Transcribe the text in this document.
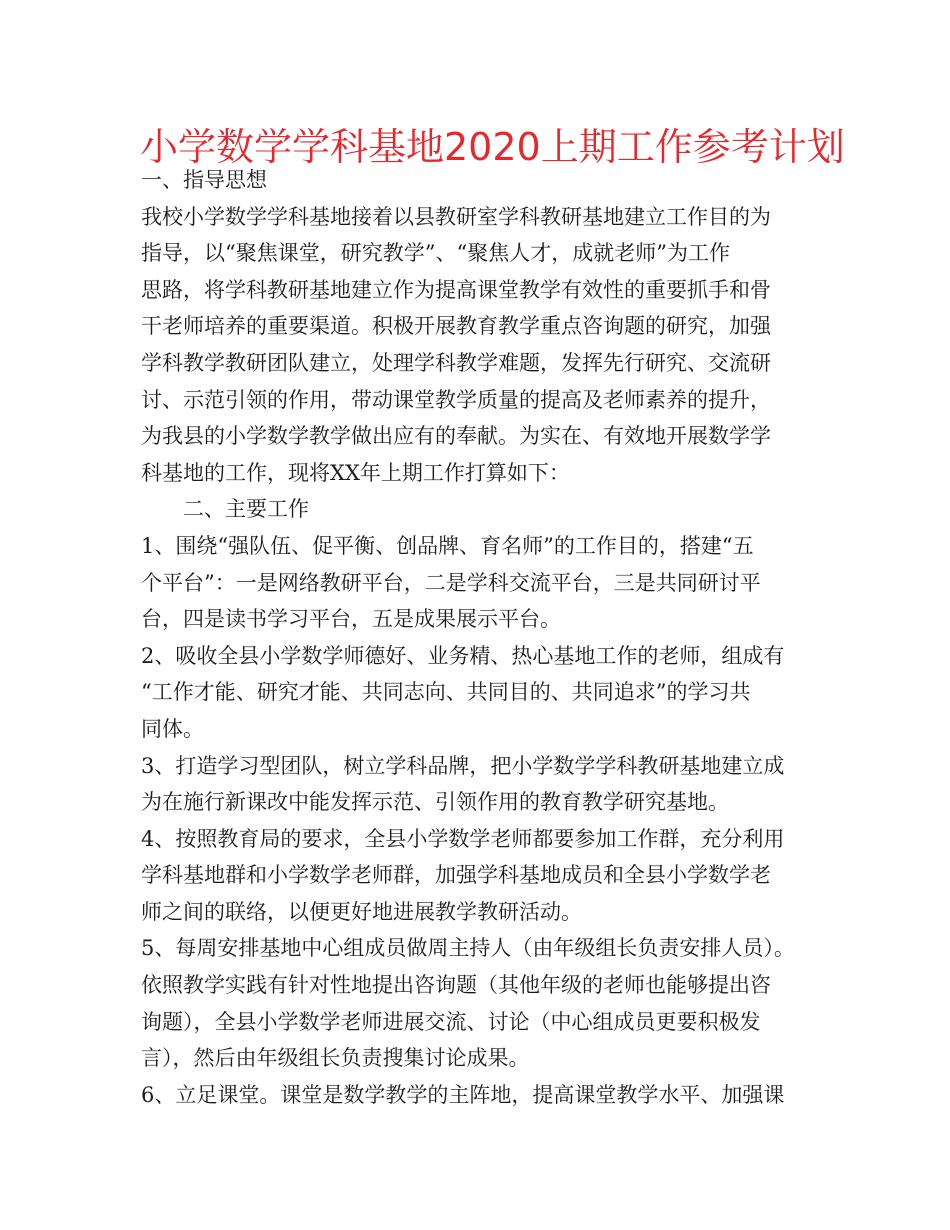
小学数学学科基地2020上期工作参考计划
一、指导思想
我校小学数学学科基地接着以县教研室学科教研基地建立工作目的为
指导，以“聚焦课堂，研究教学”、“聚焦人才，成就老师”为工作
思路，将学科教研基地建立作为提高课堂教学有效性的重要抓手和骨
干老师培养的重要渠道。积极开展教育教学重点咨询题的研究，加强
学科教学教研团队建立，处理学科教学难题，发挥先行研究、交流研
讨、示范引领的作用，带动课堂教学质量的提高及老师素养的提升，
为我县的小学数学教学做出应有的奉献。为实在、有效地开展数学学
科基地的工作，现将XX年上期工作打算如下：
二、主要工作
1、围绕“强队伍、促平衡、创品牌、育名师”的工作目的，搭建“五
个平台”：一是网络教研平台，二是学科交流平台，三是共同研讨平
台，四是读书学习平台，五是成果展示平台。
2、吸收全县小学数学师德好、业务精、热心基地工作的老师，组成有
“工作才能、研究才能、共同志向、共同目的、共同追求”的学习共
同体。
3、打造学习型团队，树立学科品牌，把小学数学学科教研基地建立成
为在施行新课改中能发挥示范、引领作用的教育教学研究基地。
4、按照教育局的要求，全县小学数学老师都要参加工作群，充分利用
学科基地群和小学数学老师群，加强学科基地成员和全县小学数学老
师之间的联络，以便更好地进展教学教研活动。
5、每周安排基地中心组成员做周主持人（由年级组长负责安排人员）。
依照教学实践有针对性地提出咨询题（其他年级的老师也能够提出咨
询题），全县小学数学老师进展交流、讨论（中心组成员更要积极发
言），然后由年级组长负责搜集讨论成果。
6、立足课堂。课堂是数学教学的主阵地，提高课堂教学水平、加强课
